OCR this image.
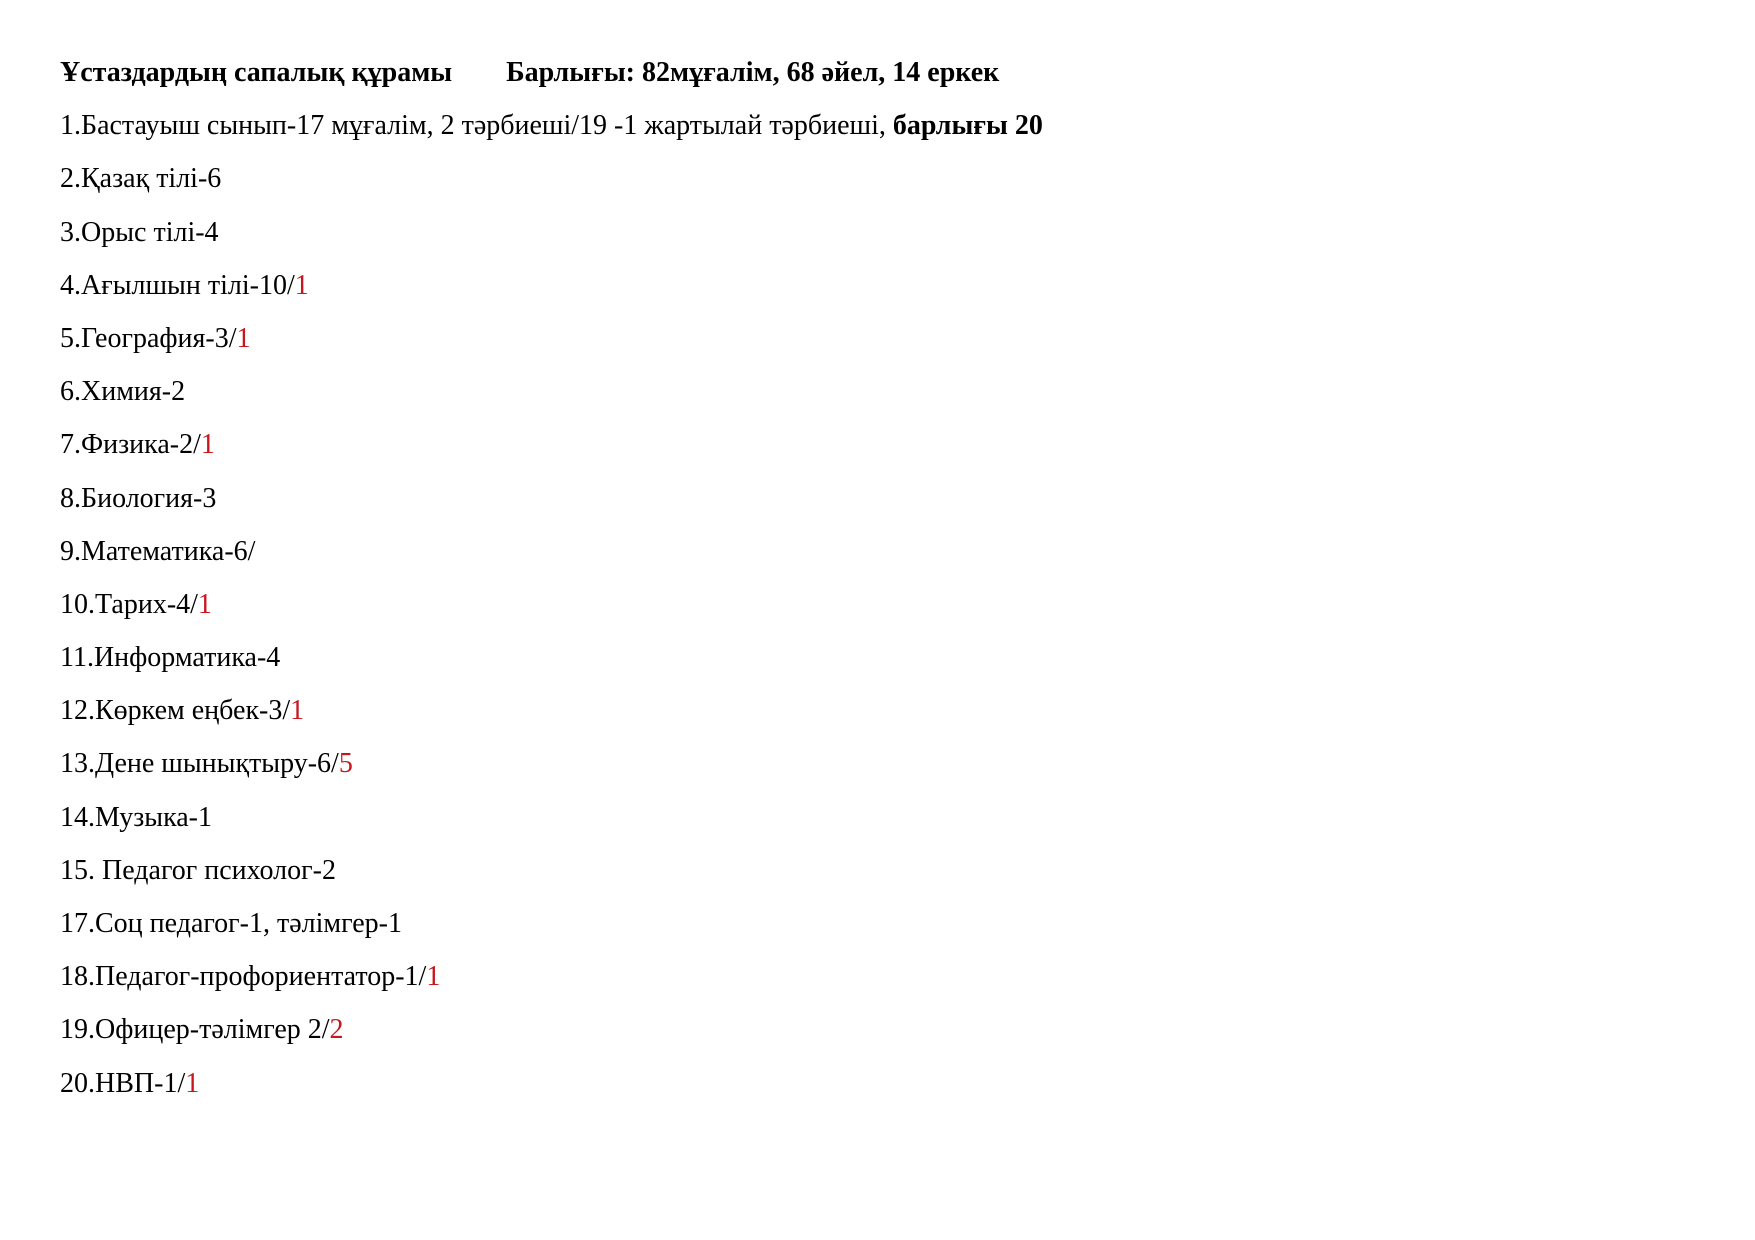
Ұстаздардың сапалық құрамы Барлығы: 82мұғалім, 68 әйел, 14 еркек
1.Бастауыш сынып-17 мұғалім, 2 тәрбиеші/19 -1 жартылай тәрбиеші, барлығы 20
2.Қазақ тілі-6
3.Орыс тілі-4
4.Ағылшын тілі-10/1
5.География-3/1
6.Химия-2
7.Физика-2/1
8.Биология-3
9.Математика-6/
10.Тарих-4/1
11.Информатика-4
12.Көркем еңбек-3/1
13.Дене шынықтыру-6/5
14.Музыка-1
15. Педагог психолог-2
17.Соц педагог-1, тәлімгер-1
18.Педагог-профориентатор-1/1
19.Офицер-тәлімгер 2/2
20.НВП-1/1
